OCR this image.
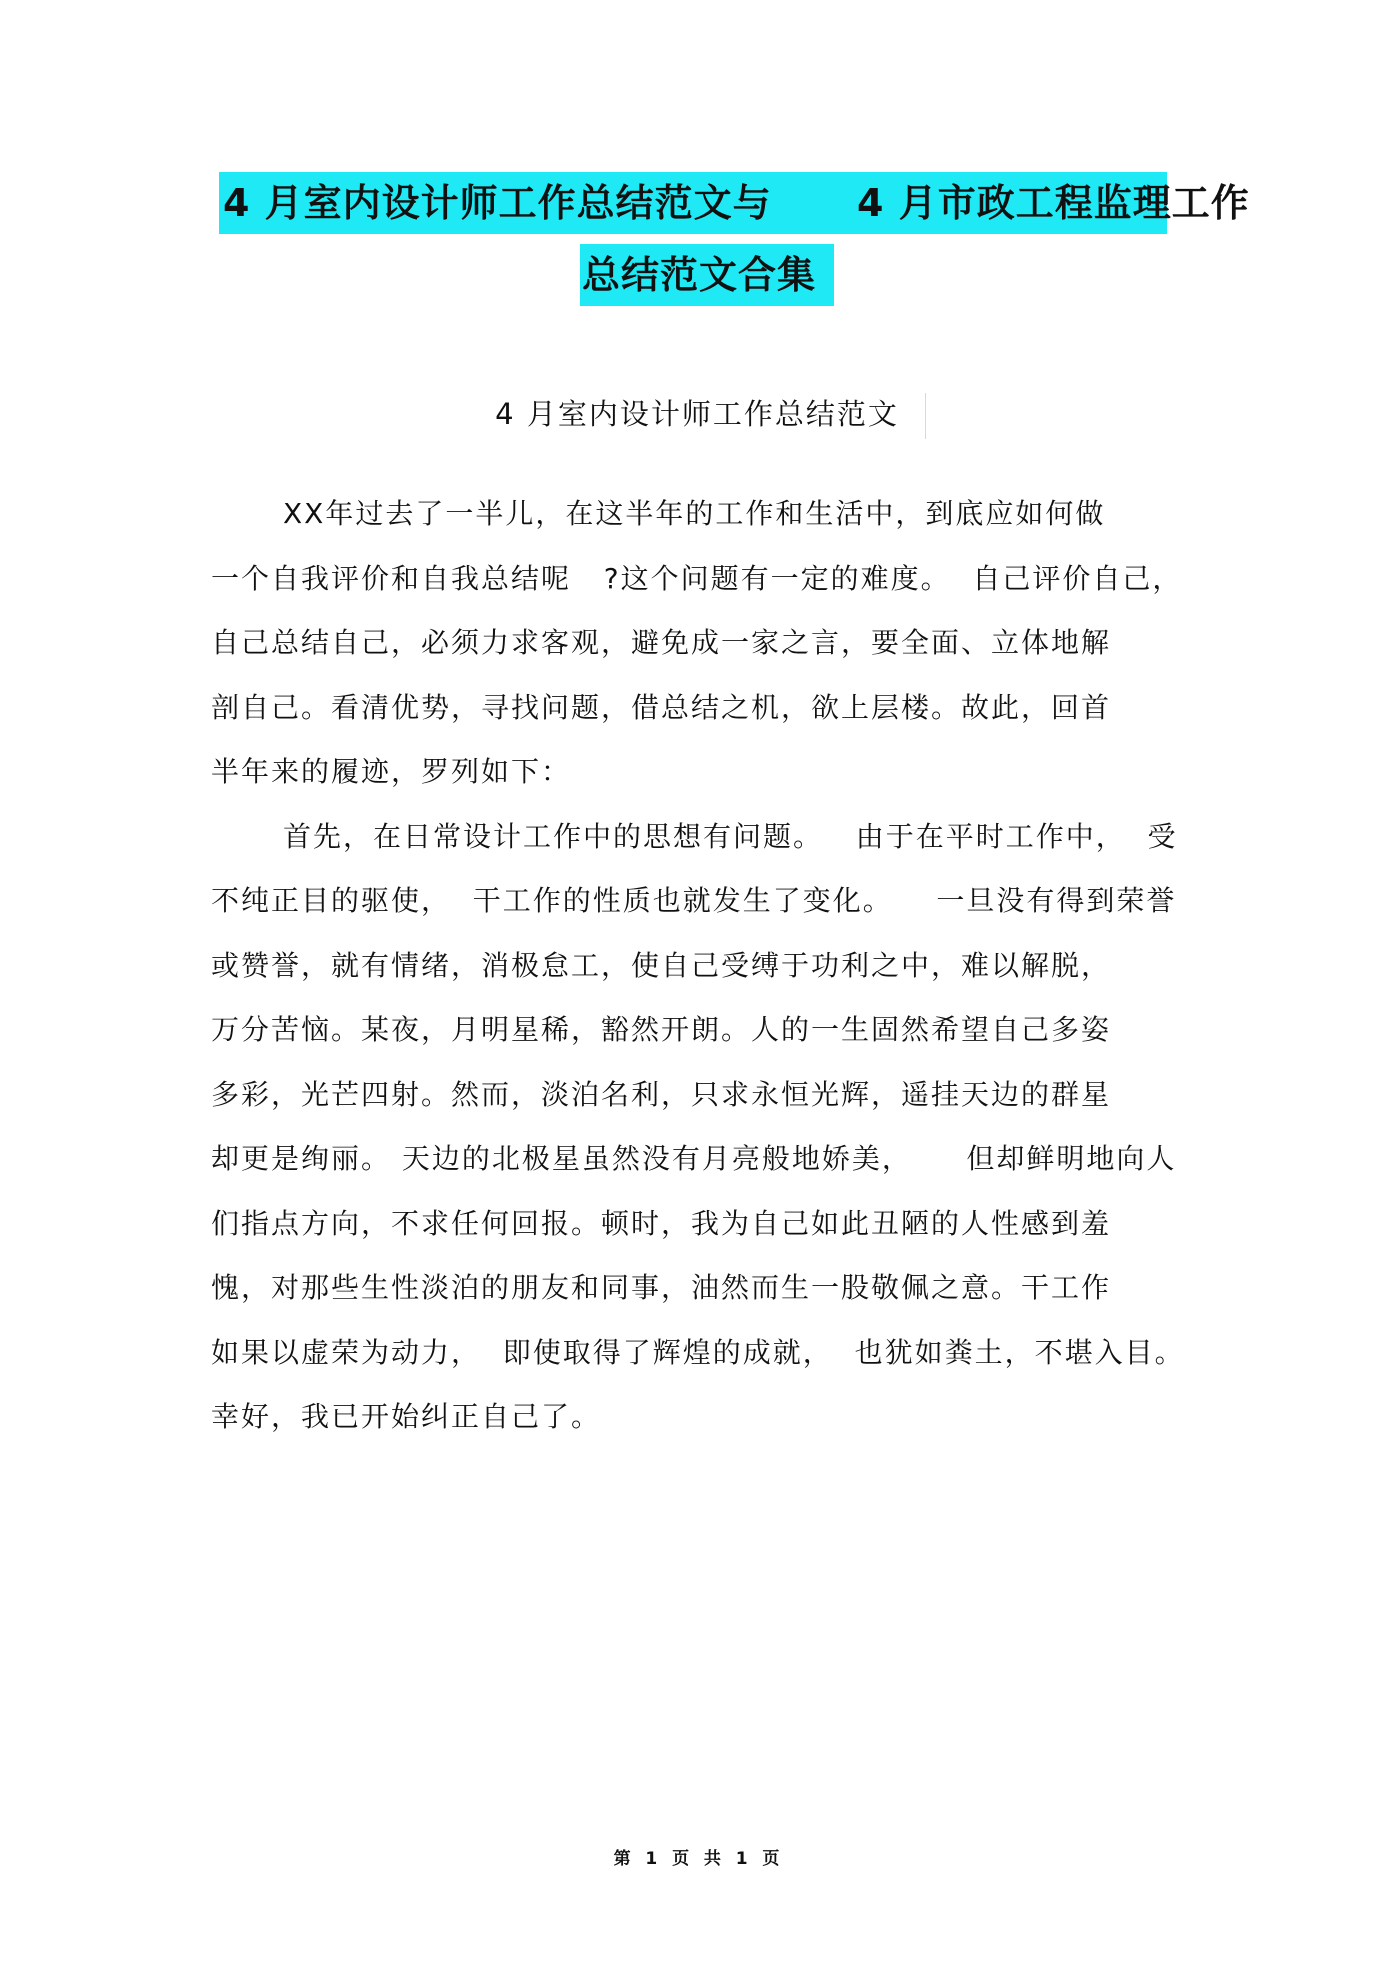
4 月室内设计师工作总结范文与      4 月市政工程监理工作
总结范文合集
4 月室内设计师工作总结范文
XX年过去了一半儿，在这半年的工作和生活中，到底应如何做
一个自我评价和自我总结呢   ?这个问题有一定的难度。  自己评价自己，
自己总结自己，必须力求客观，避免成一家之言，要全面、立体地解
剖自己。看清优势，寻找问题，借总结之机，欲上层楼。故此，回首
半年来的履迹，罗列如下：
首先，在日常设计工作中的思想有问题。   由于在平时工作中，  受
不纯正目的驱使，  干工作的性质也就发生了变化。    一旦没有得到荣誉
或赞誉，就有情绪，消极怠工，使自己受缚于功利之中，难以解脱，
万分苦恼。某夜，月明星稀，豁然开朗。人的一生固然希望自己多姿
多彩，光芒四射。然而，淡泊名利，只求永恒光辉，遥挂天边的群星
却更是绚丽。 天边的北极星虽然没有月亮般地娇美，     但却鲜明地向人
们指点方向，不求任何回报。顿时，我为自己如此丑陋的人性感到羞
愧，对那些生性淡泊的朋友和同事，油然而生一股敬佩之意。干工作
如果以虚荣为动力，  即使取得了辉煌的成就，  也犹如粪土，不堪入目。
幸好，我已开始纠正自己了。
第  1  页  共  1  页
